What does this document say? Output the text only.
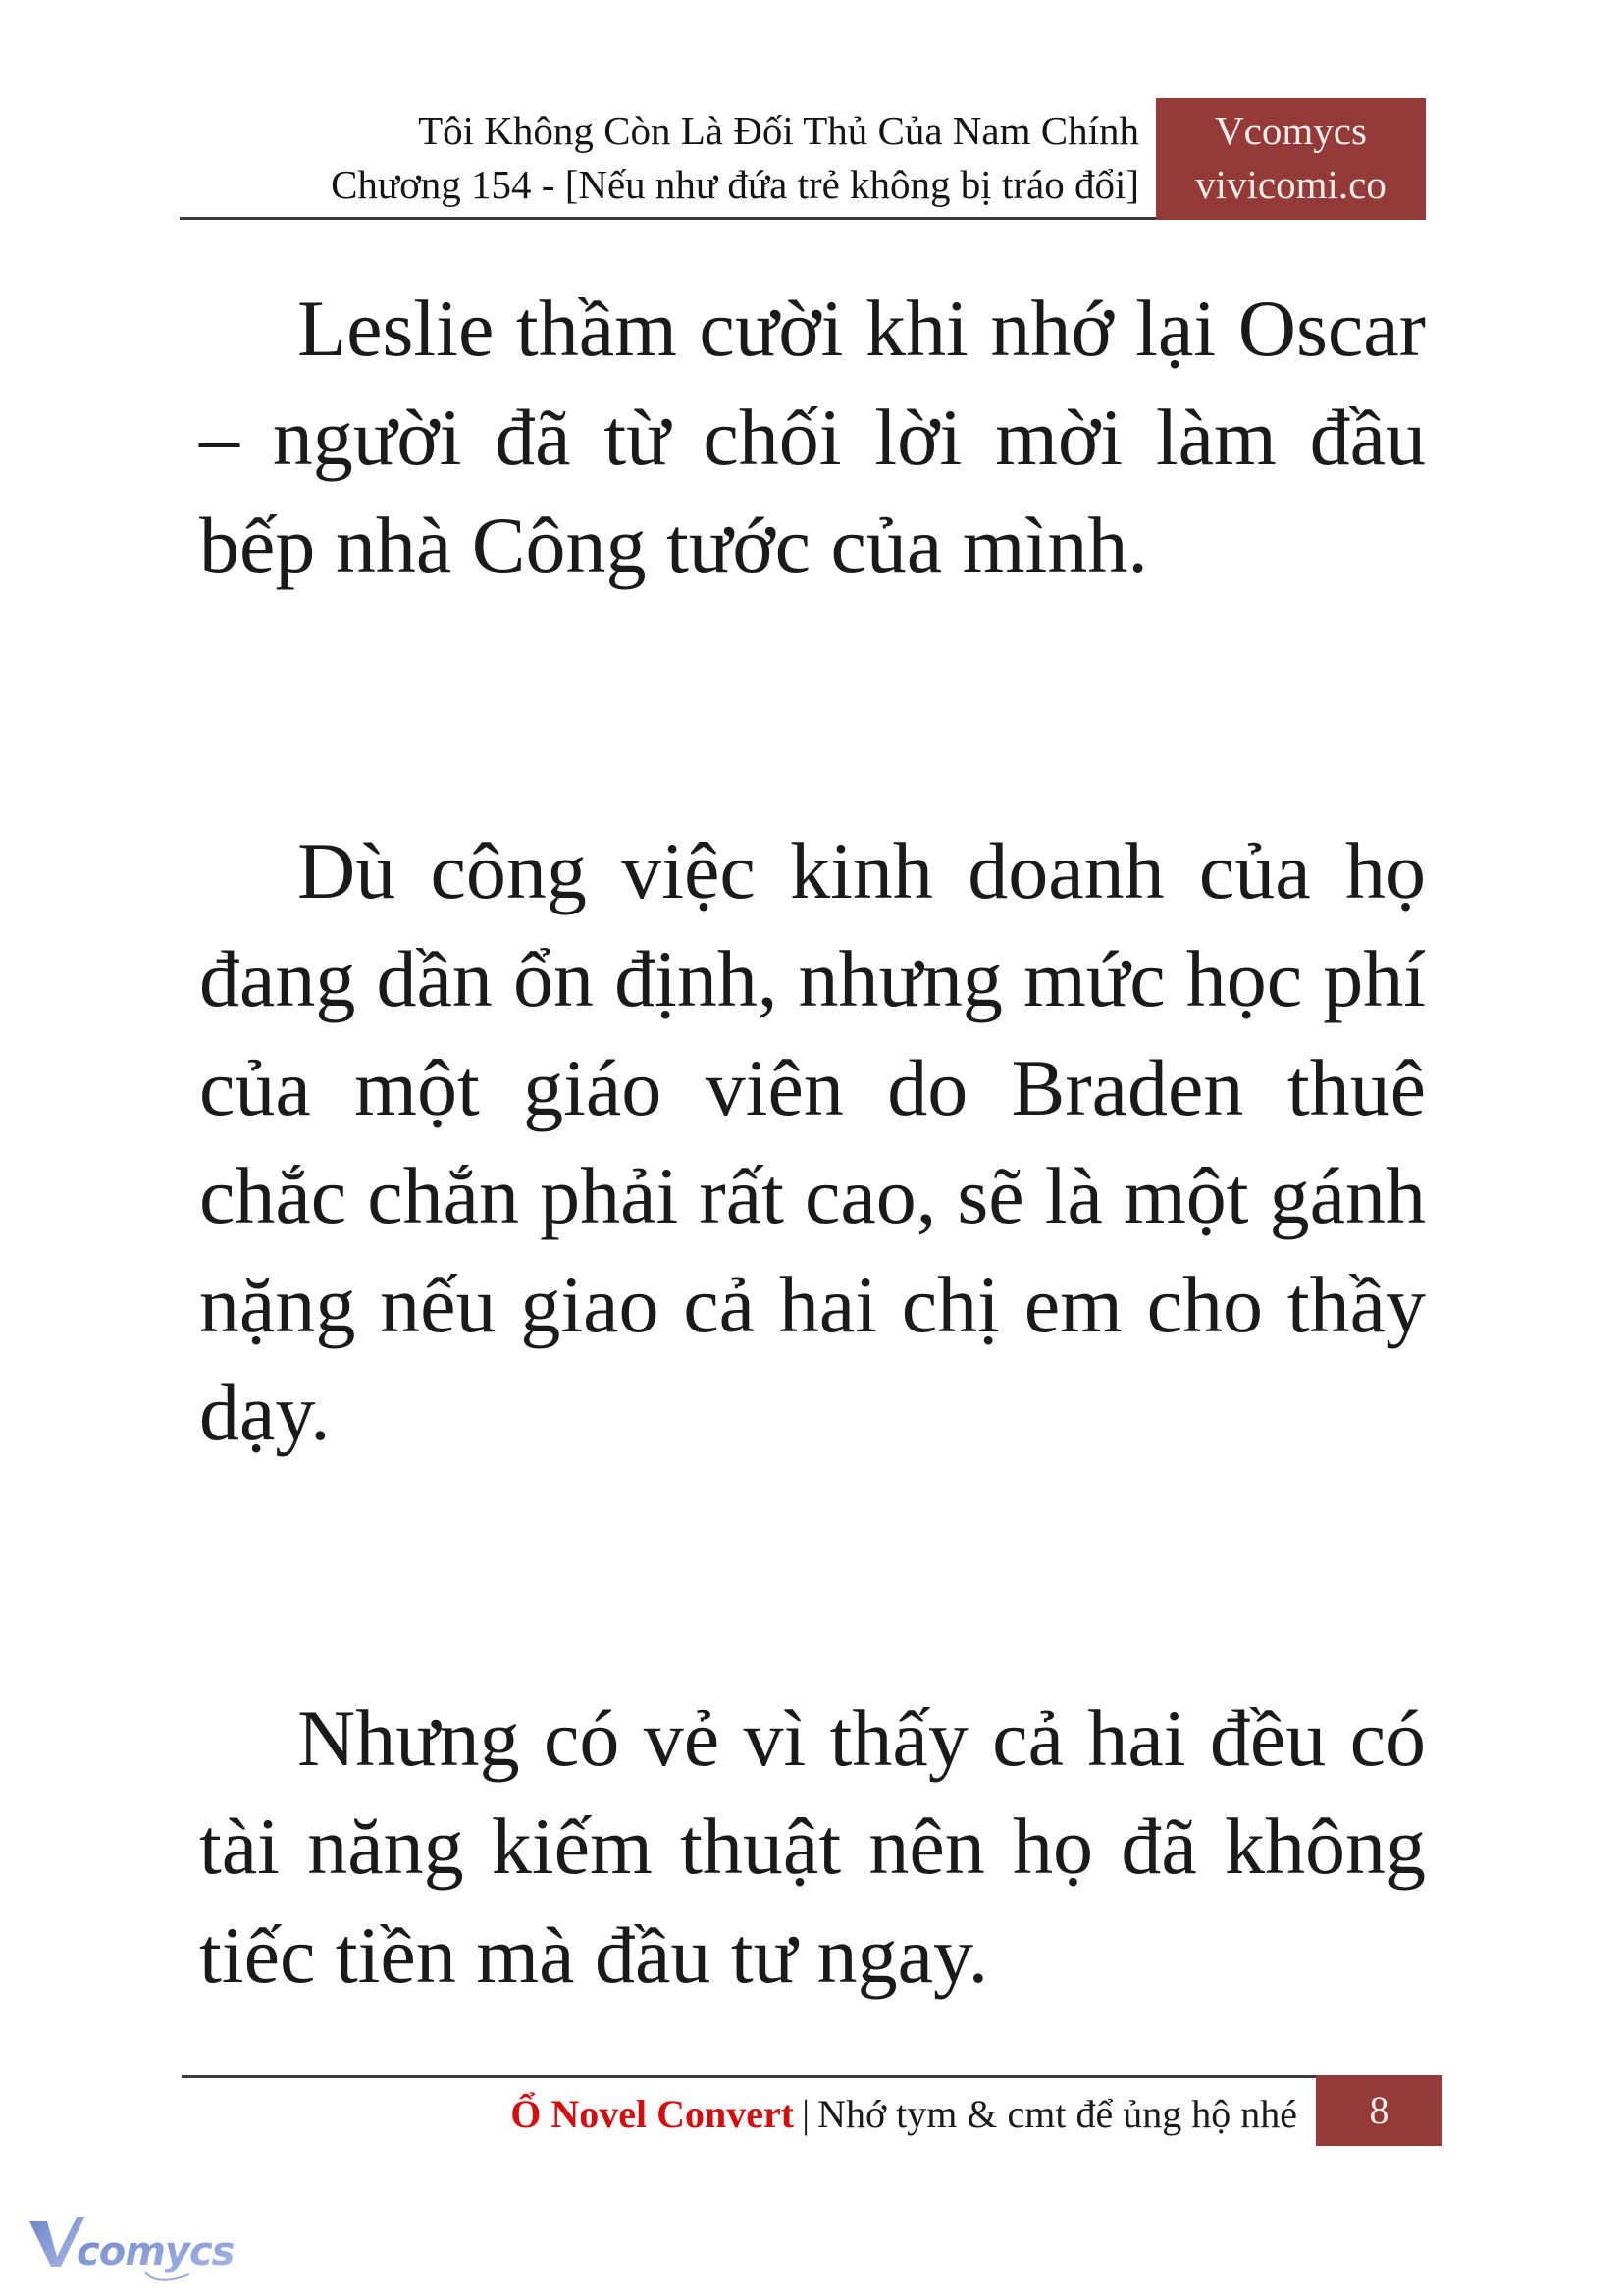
Tôi Không Còn Là Đối Thủ Của Nam Chính
Chương 154 - [Nếu như đứa trẻ không bị tráo đổi]
Vcomycs
vivicomi.co

Leslie thầm cười khi nhớ lại Oscar – người đã từ chối lời mời làm đầu bếp nhà Công tước của mình.

Dù công việc kinh doanh của họ đang dần ổn định, nhưng mức học phí của một giáo viên do Braden thuê chắc chắn phải rất cao, sẽ là một gánh nặng nếu giao cả hai chị em cho thầy dạy.

Nhưng có vẻ vì thấy cả hai đều có tài năng kiếm thuật nên họ đã không tiếc tiền mà đầu tư ngay.

Ổ Novel Convert | Nhớ tym & cmt để ủng hộ nhé	8
comycs
